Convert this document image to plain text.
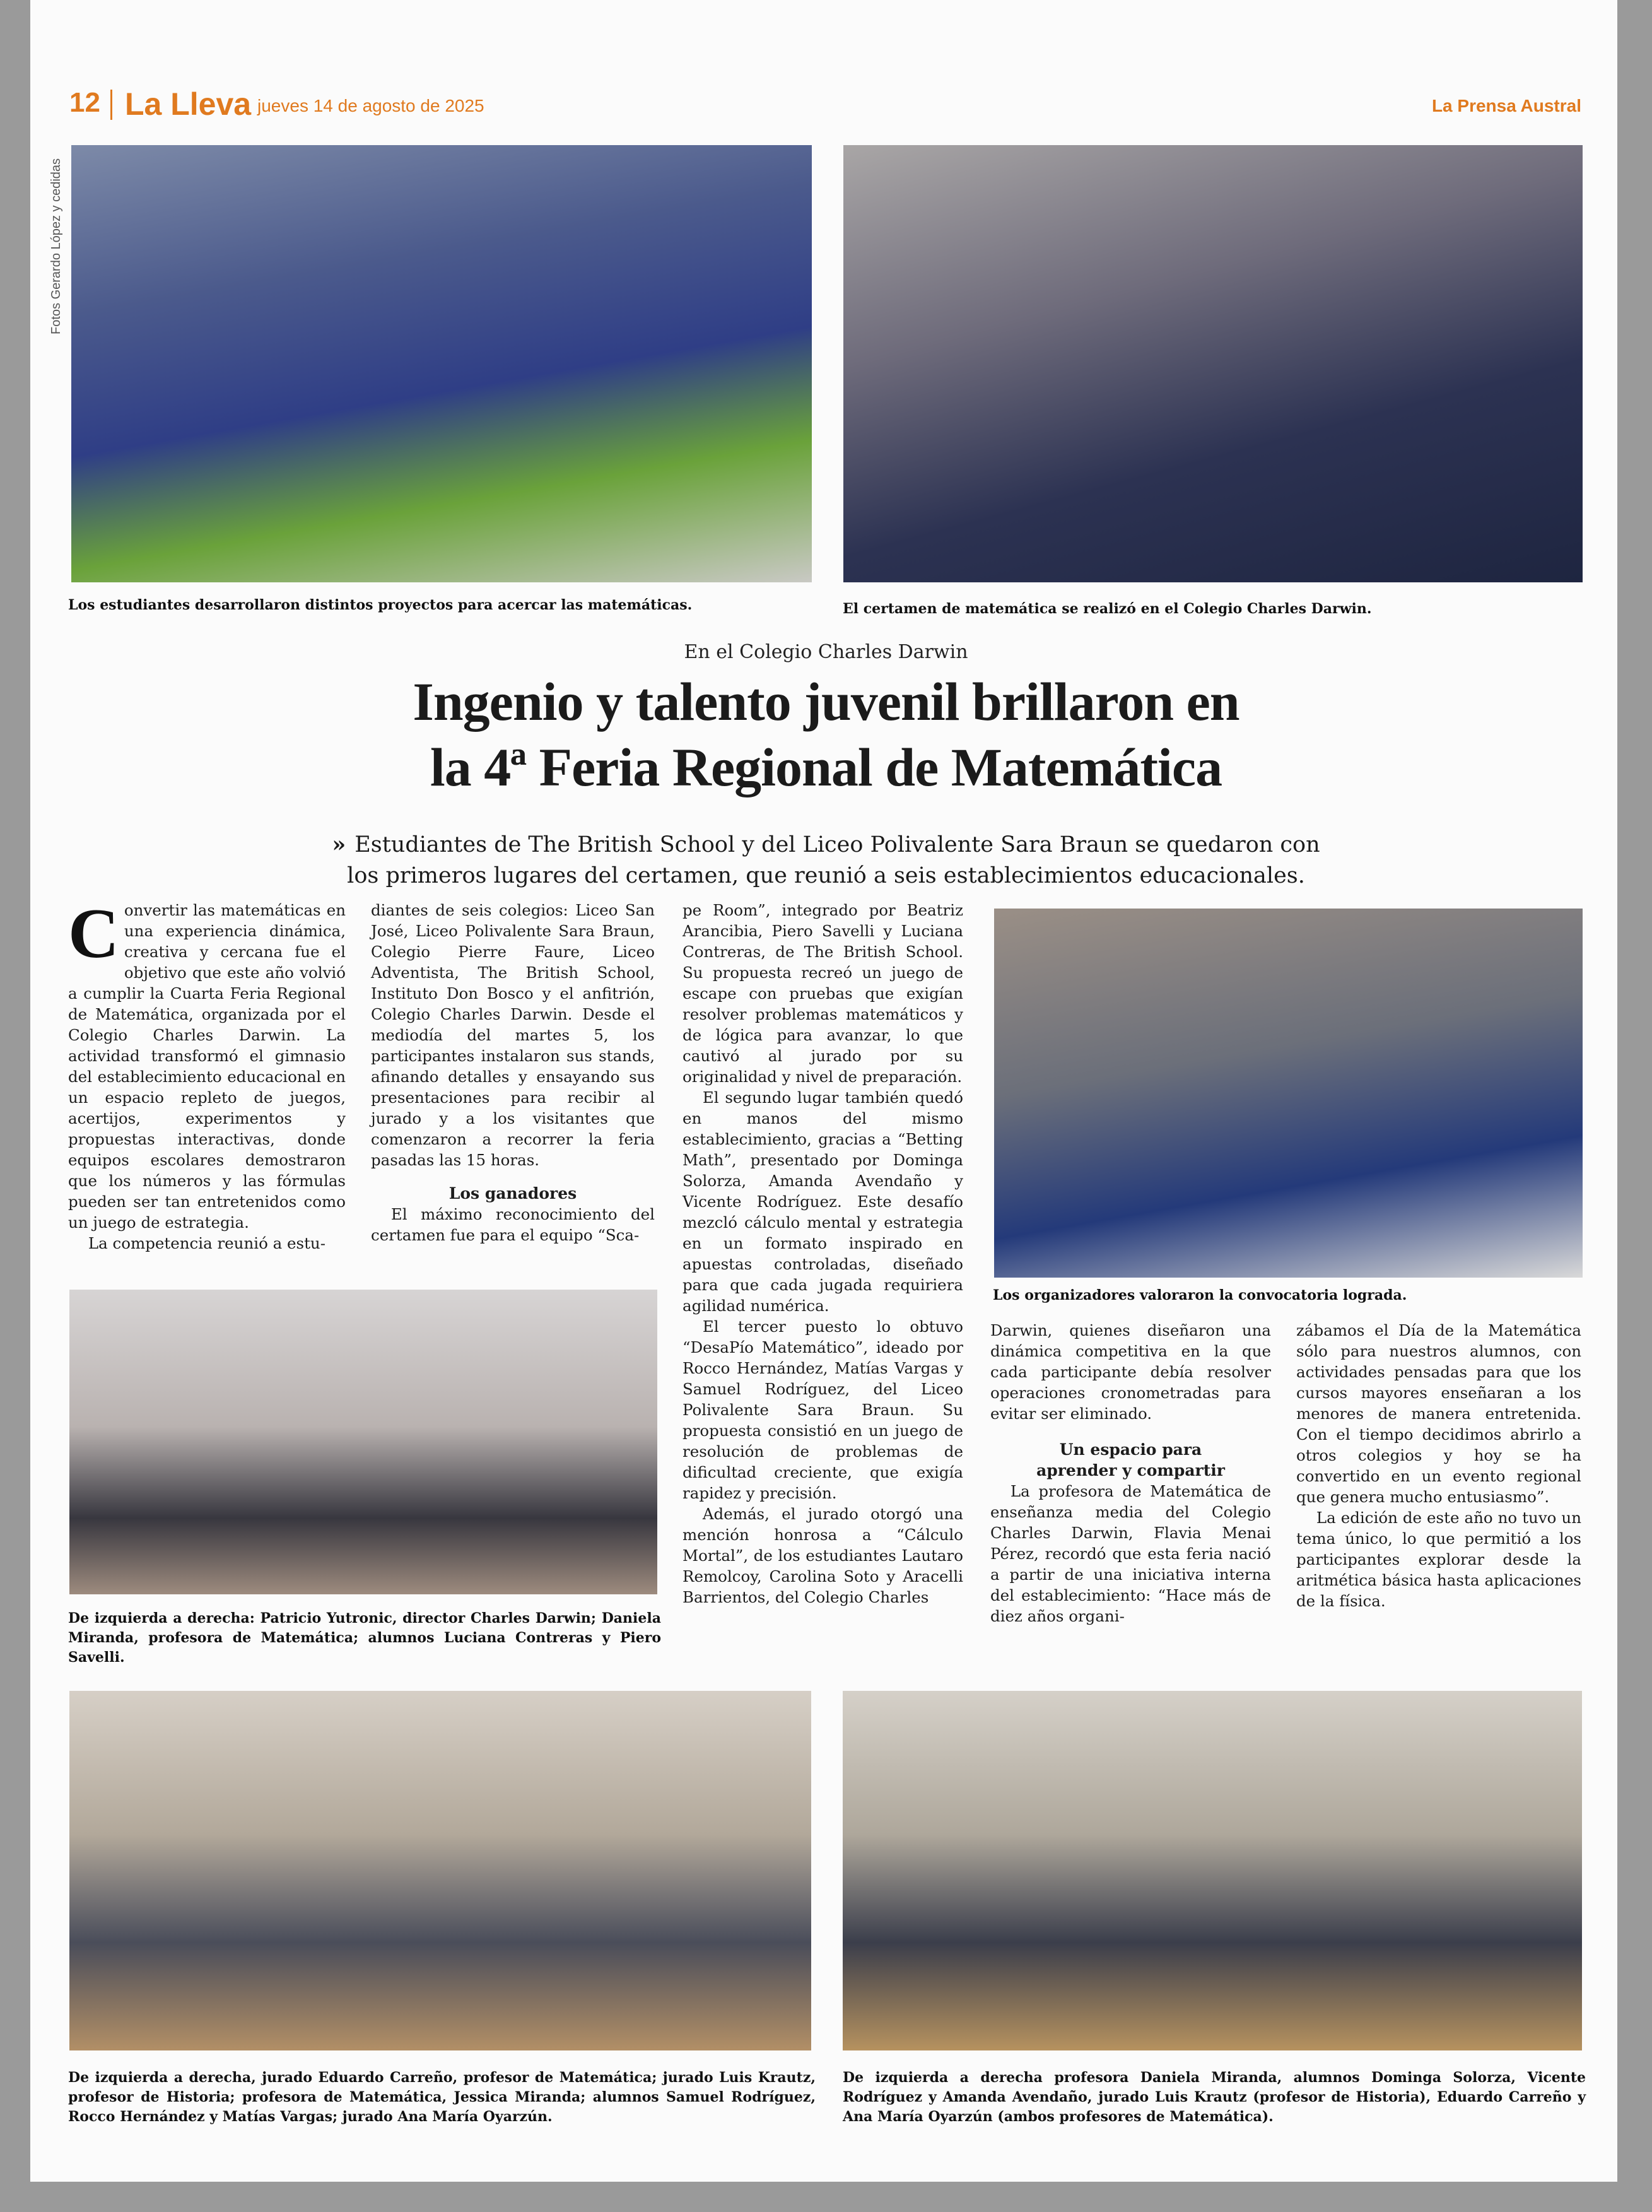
12 La Lleva jueves 14 de agosto de 2025	La Prensa Austral
Fotos Gerardo López y cedidas
Los estudiantes desarrollaron distintos proyectos para acercar las matemáticas.	El certamen de matemática se realizó en el Colegio Charles Darwin.
En el Colegio Charles Darwin
Ingenio y talento juvenil brillaron en
la 4ª Feria Regional de Matemática
» Estudiantes de The British School y del Liceo Polivalente Sara Braun se quedaron con
los primeros lugares del certamen, que reunió a seis establecimientos educacionales.
C onvertir las matemáticas en una experiencia dinámica, creativa y cercana fue el objetivo que este año volvió a cumplir la Cuarta Feria Regional de Matemática, organizada por el Colegio Charles Darwin. La actividad transformó el gimnasio del establecimiento educacional en un espacio repleto de juegos, acertijos, experimentos y propuestas interactivas, donde equipos escolares demostraron que los números y las fórmulas pueden ser tan entretenidos como un juego de estrategia.

La competencia reunió a estu-

diantes de seis colegios: Liceo San José, Liceo Polivalente Sara Braun, Colegio Pierre Faure, Liceo Adventista, The British School, Instituto Don Bosco y el anfitrión, Colegio Charles Darwin. Desde el mediodía del martes 5, los participantes instalaron sus stands, afinando detalles y ensayando sus presentaciones para recibir al jurado y a los visitantes que comenzaron a recorrer la feria pasadas las 15 horas.

Los ganadores

El máximo reconocimiento del certamen fue para el equipo “Sca-

pe Room”, integrado por Beatriz Arancibia, Piero Savelli y Luciana Contreras, de The British School. Su propuesta recreó un juego de escape con pruebas que exigían resolver problemas matemáticos y de lógica para avanzar, lo que cautivó al jurado por su originalidad y nivel de preparación.

El segundo lugar también quedó en manos del mismo establecimiento, gracias a “Betting Math”, presentado por Dominga Solorza, Amanda Avendaño y Vicente Rodríguez. Este desafío mezcló cálculo mental y estrategia en un formato inspirado en apuestas controladas, diseñado para que cada jugada requiriera agilidad numérica.

El tercer puesto lo obtuvo “DesaPío Matemático”, ideado por Rocco Hernández, Matías Vargas y Samuel Rodríguez, del Liceo Polivalente Sara Braun. Su propuesta consistió en un juego de resolución de problemas de dificultad creciente, que exigía rapidez y precisión.

Además, el jurado otorgó una mención honrosa a “Cálculo Mortal”, de los estudiantes Lautaro Remolcoy, Carolina Soto y Aracelli Barrientos, del Colegio Charles

Los organizadores valoraron la convocatoria lograda.

Darwin, quienes diseñaron una dinámica competitiva en la que cada participante debía resolver operaciones cronometradas para evitar ser eliminado.

Un espacio para
aprender y compartir

La profesora de Matemática de enseñanza media del Colegio Charles Darwin, Flavia Menai Pérez, recordó que esta feria nació a partir de una iniciativa interna del establecimiento: “Hace más de diez años organi-

zábamos el Día de la Matemática sólo para nuestros alumnos, con actividades pensadas para que los cursos mayores enseñaran a los menores de manera entretenida. Con el tiempo decidimos abrirlo a otros colegios y hoy se ha convertido en un evento regional que genera mucho entusiasmo”.

La edición de este año no tuvo un tema único, lo que permitió a los participantes explorar desde la aritmética básica hasta aplicaciones de la física.

De izquierda a derecha: Patricio Yutronic, director Charles Darwin; Daniela Miranda, profesora de Matemática; alumnos Luciana Contreras y Piero Savelli.
De izquierda a derecha, jurado Eduardo Carreño, profesor de Matemática; jurado Luis Krautz, profesor de Historia; profesora de Matemática, Jessica Miranda; alumnos Samuel Rodríguez, Rocco Hernández y Matías Vargas; jurado Ana María Oyarzún.
De izquierda a derecha profesora Daniela Miranda, alumnos Dominga Solorza, Vicente Rodríguez y Amanda Avendaño, jurado Luis Krautz (profesor de Historia), Eduardo Carreño y Ana María Oyarzún (ambos profesores de Matemática).
